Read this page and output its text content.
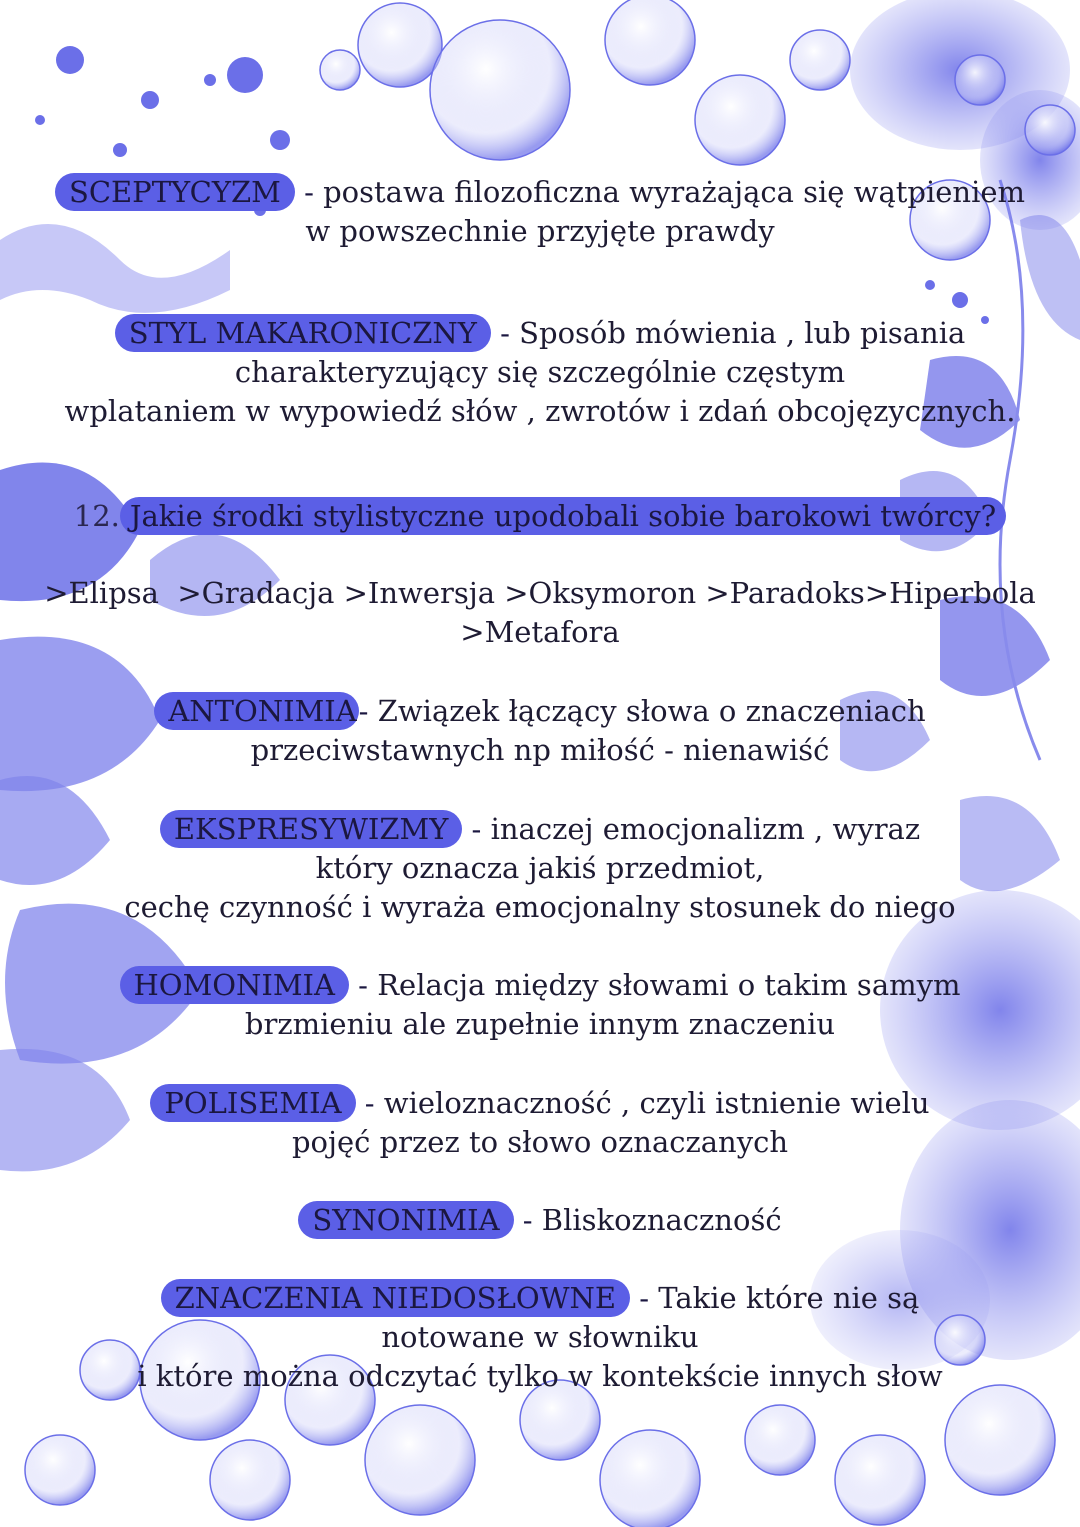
SCEPTYCYZM - postawa filozoficzna wyrażająca się wątpieniem
w powszechnie przyjęte prawdy
STYL MAKARONICZNY - Sposób mówienia , lub pisania
charakteryzujący się szczególnie częstym
wplataniem w wypowiedź słów , zwrotów i zdań obcojęzycznych.
12. Jakie środki stylistyczne upodobali sobie barokowi twórcy?
>Elipsa  >Gradacja >Inwersja >Oksymoron >Paradoks>Hiperbola
>Metafora
ANTONIMIA- Związek łączący słowa o znaczeniach
przeciwstawnych np miłość - nienawiść
EKSPRESYWIZMY - inaczej emocjonalizm , wyraz
który oznacza jakiś przedmiot,
cechę czynność i wyraża emocjonalny stosunek do niego
HOMONIMIA - Relacja między słowami o takim samym
brzmieniu ale zupełnie innym znaczeniu
POLISEMIA - wieloznaczność , czyli istnienie wielu
pojęć przez to słowo oznaczanych
SYNONIMIA - Bliskoznaczność
ZNACZENIA NIEDOSŁOWNE - Takie które nie są
notowane w słowniku
i które można odczytać tylko w kontekście innych słow
